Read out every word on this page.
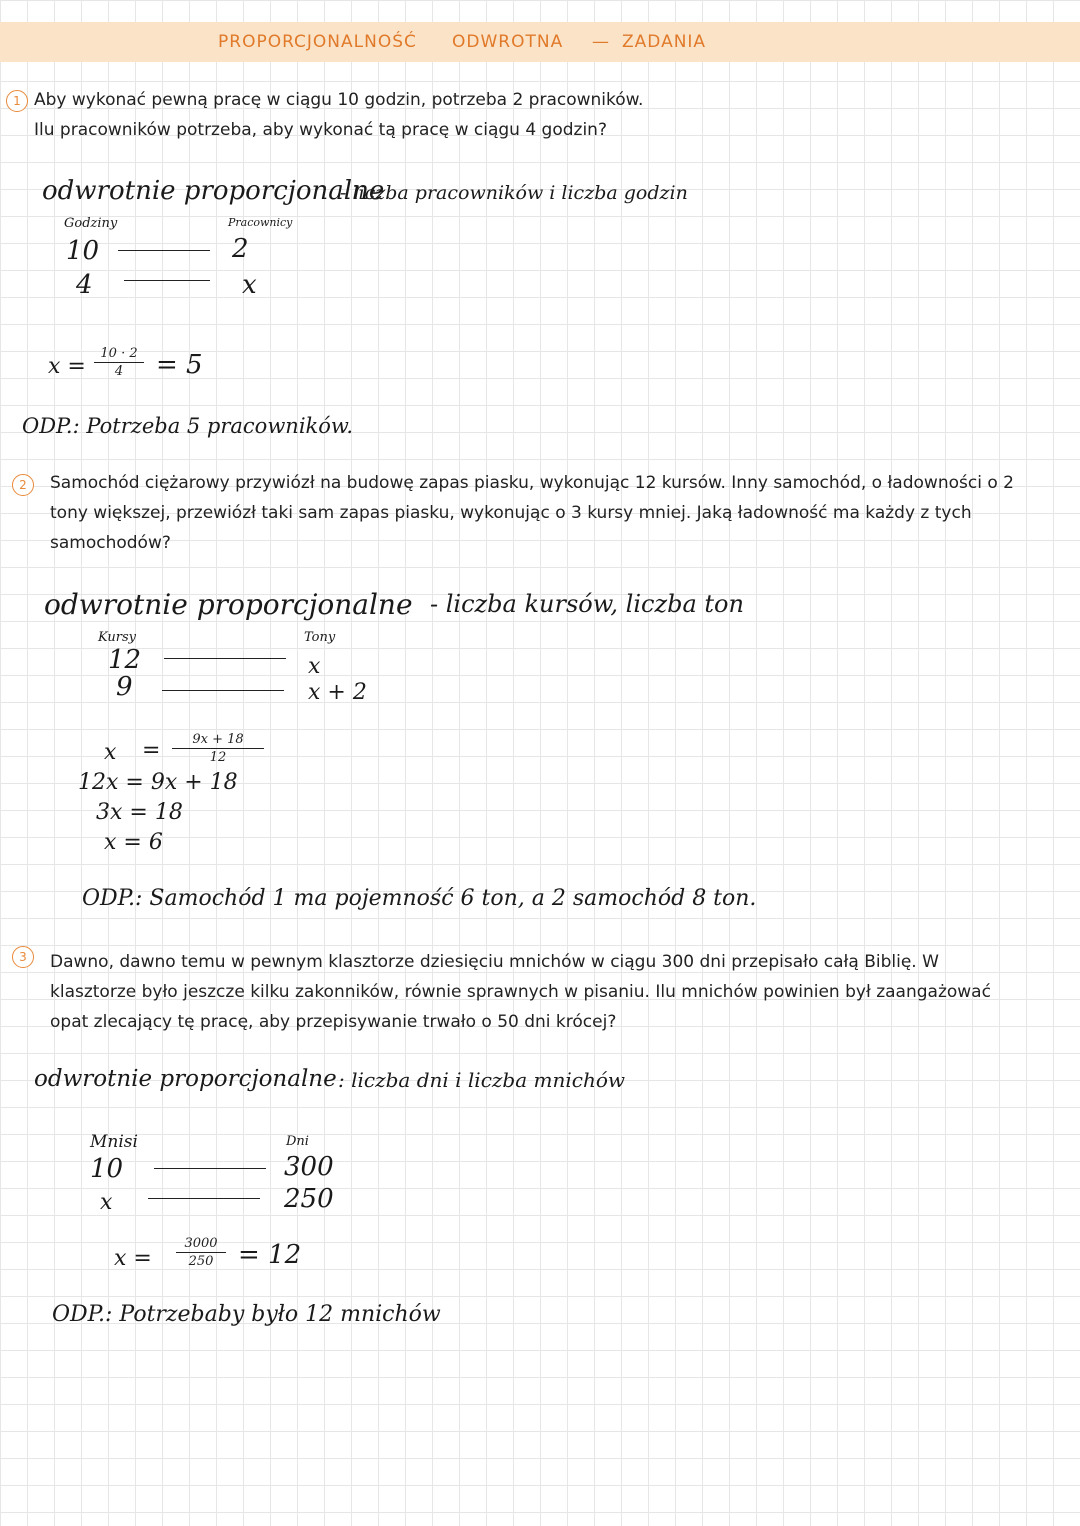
PROPORCJONALNOŚĆ ODWROTNA — ZADANIA
1 Aby wykonać pewną pracę w ciągu 10 godzin, potrzeba 2 pracowników.

Ilu pracowników potrzeba, aby wykonać tą pracę w ciągu 4 godzin?

odwrotnie proporcjonalne
- liczba pracowników i liczba godzin
Godziny	Pracownicy
10	2
4	x
x =
10 · 2
4	= 5
ODP.: Potrzeba 5 pracowników.
2	Samochód ciężarowy przywiózł na budowę zapas piasku, wykonując 12 kursów. Inny samochód, o ładowności o 2

tony większej, przewiózł taki sam zapas piasku, wykonując o 3 kursy mniej. Jaką ładowność ma każdy z tych

samochodów?

odwrotnie proporcjonalne - liczba kursów, liczba ton
Kursy	Tony
12	x
9	x + 2
x =	9x + 18
12
12x = 9x + 18
3x = 18
x = 6
ODP.: Samochód 1 ma pojemność 6 ton, a 2 samochód 8 ton.
3	Dawno, dawno temu w pewnym klasztorze dziesięciu mnichów w ciągu 300 dni przepisało całą Biblię. W

klasztorze było jeszcze kilku zakonników, równie sprawnych w pisaniu. Ilu mnichów powinien był zaangażować

opat zlecający tę pracę, aby przepisywanie trwało o 50 dni krócej?

odwrotnie proporcjonalne : liczba dni i liczba mnichów
Mnisi	Dni
10	300
x	250
x =
3000
250 = 12
ODP.: Potrzebaby było 12 mnichów
